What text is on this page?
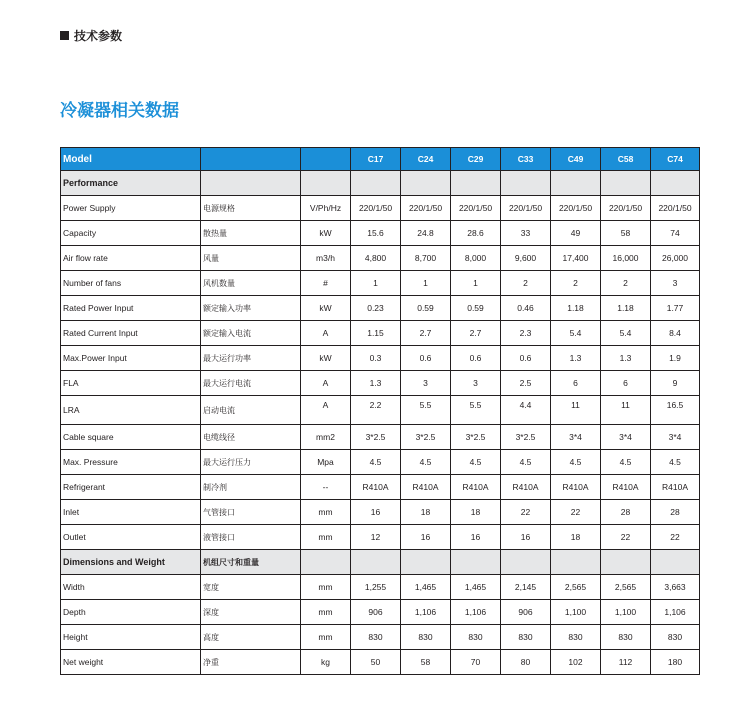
技术参数
冷凝器相关数据
Model			C17	C24	C29	C33	C49	C58	C74
Performance									
Power Supply	电源规格	V/Ph/Hz	220/1/50	220/1/50	220/1/50	220/1/50	220/1/50	220/1/50	220/1/50
Capacity	散热量	kW	15.6	24.8	28.6	33	49	58	74
Air flow rate	风量	m3/h	4,800	8,700	8,000	9,600	17,400	16,000	26,000
Number of fans	风机数量	#	1	1	1	2	2	2	3
Rated Power Input	额定输入功率	kW	0.23	0.59	0.59	0.46	1.18	1.18	1.77
Rated Current Input	额定输入电流	A	1.15	2.7	2.7	2.3	5.4	5.4	8.4
Max.Power Input	最大运行功率	kW	0.3	0.6	0.6	0.6	1.3	1.3	1.9
FLA	最大运行电流	A	1.3	3	3	2.5	6	6	9
LRA	启动电流	A	2.2	5.5	5.5	4.4	11	11	16.5
Cable square	电缆线径	mm2	3*2.5	3*2.5	3*2.5	3*2.5	3*4	3*4	3*4
Max. Pressure	最大运行压力	Mpa	4.5	4.5	4.5	4.5	4.5	4.5	4.5
Refrigerant	制冷剂	--	R410A	R410A	R410A	R410A	R410A	R410A	R410A
Inlet	气管接口	mm	16	18	18	22	22	28	28
Outlet	液管接口	mm	12	16	16	16	18	22	22
Dimensions and Weight	机组尺寸和重量								
Width	宽度	mm	1,255	1,465	1,465	2,145	2,565	2,565	3,663
Depth	深度	mm	906	1,106	1,106	906	1,100	1,100	1,106
Height	高度	mm	830	830	830	830	830	830	830
Net weight	净重	kg	50	58	70	80	102	112	180
